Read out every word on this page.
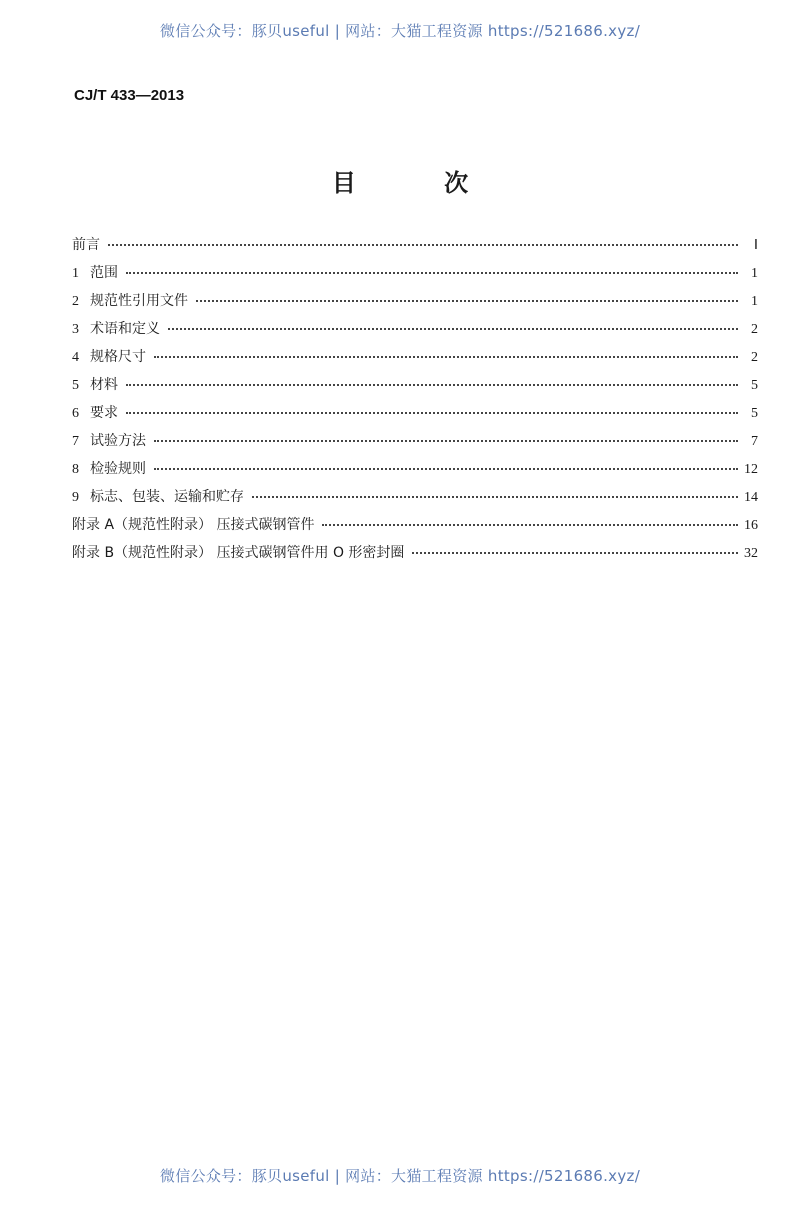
微信公众号：豚贝useful | 网站：大猫工程资源 https://521686.xyz/
CJ/T 433—2013
目 次
前言	Ⅰ
1 范围	1
2 规范性引用文件	1
3 术语和定义	2
4 规格尺寸	2
5 材料	5
6 要求	5
7 试验方法	7
8 检验规则	12
9 标志、包装、运输和贮存	14
附录 A（规范性附录） 压接式碳钢管件	16
附录 B（规范性附录） 压接式碳钢管件用 O 形密封圈	32
微信公众号：豚贝useful | 网站：大猫工程资源 https://521686.xyz/
